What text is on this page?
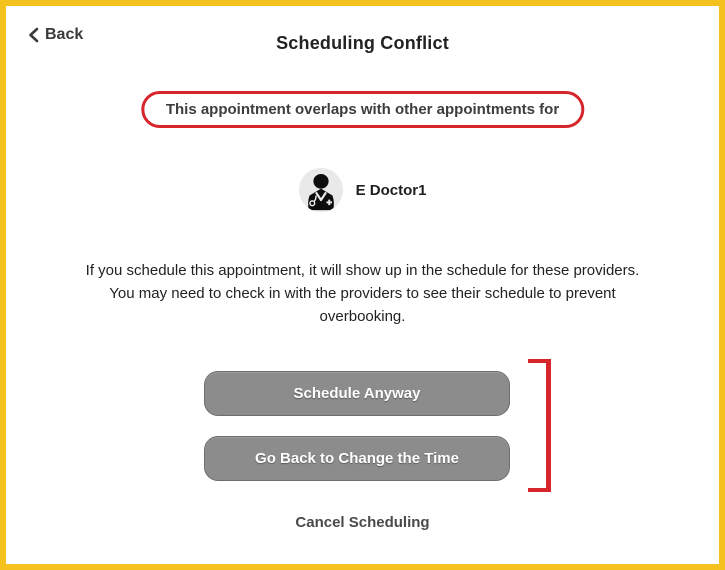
Back	Scheduling Conflict
This appointment overlaps with other appointments for
E Doctor1
If you schedule this appointment, it will show up in the schedule for these providers.
You may need to check in with the providers to see their schedule to prevent
overbooking.
Schedule Anyway
Go Back to Change the Time
Cancel Scheduling
